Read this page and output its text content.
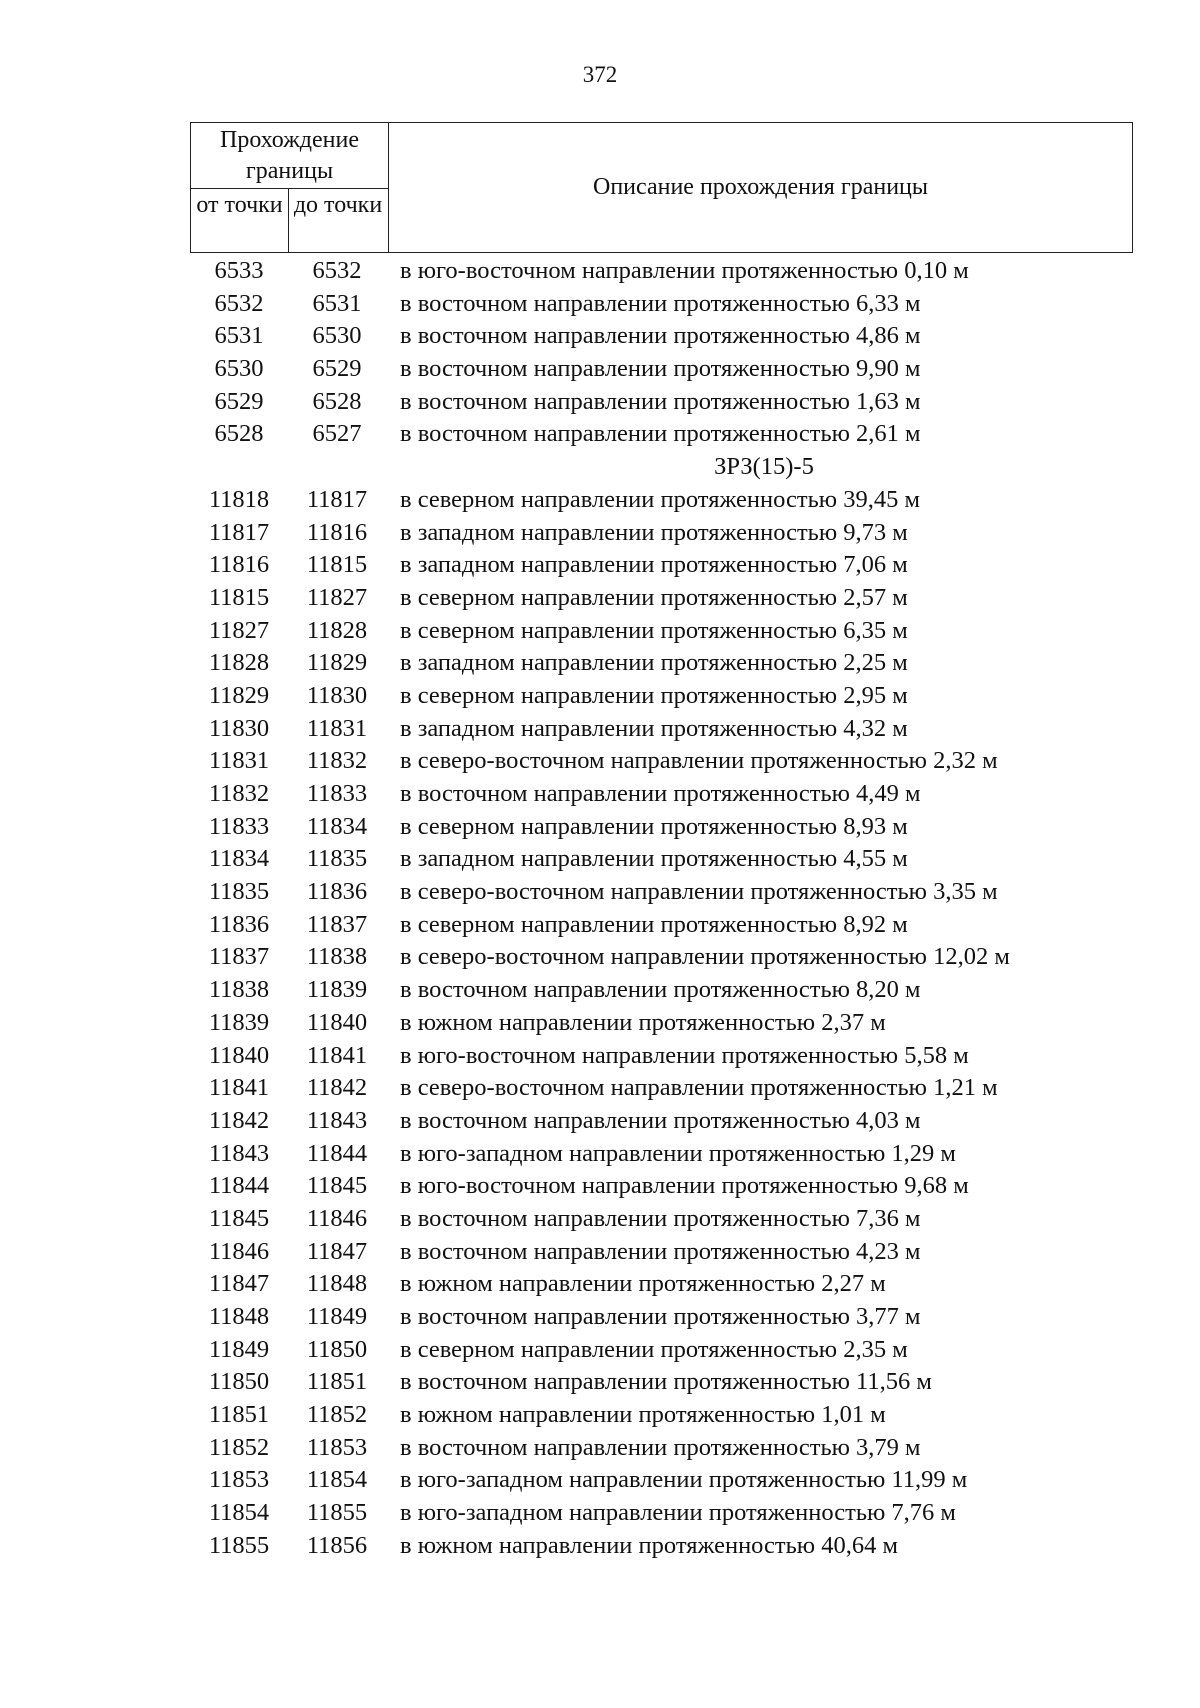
372
Прохождение границы
от точки до точки
Описание прохождения границы
6533	6532	в юго-восточном направлении протяженностью 0,10 м
6532	6531	в восточном направлении протяженностью 6,33 м
6531	6530	в восточном направлении протяженностью 4,86 м
6530	6529	в восточном направлении протяженностью 9,90 м
6529	6528	в восточном направлении протяженностью 1,63 м
6528	6527	в восточном направлении протяженностью 2,61 м
ЗРЗ(15)-5
11818	11817	в северном направлении протяженностью 39,45 м
11817	11816	в западном направлении протяженностью 9,73 м
11816	11815	в западном направлении протяженностью 7,06 м
11815	11827	в северном направлении протяженностью 2,57 м
11827	11828	в северном направлении протяженностью 6,35 м
11828	11829	в западном направлении протяженностью 2,25 м
11829	11830	в северном направлении протяженностью 2,95 м
11830	11831	в западном направлении протяженностью 4,32 м
11831	11832	в северо-восточном направлении протяженностью 2,32 м
11832	11833	в восточном направлении протяженностью 4,49 м
11833	11834	в северном направлении протяженностью 8,93 м
11834	11835	в западном направлении протяженностью 4,55 м
11835	11836	в северо-восточном направлении протяженностью 3,35 м
11836	11837	в северном направлении протяженностью 8,92 м
11837	11838	в северо-восточном направлении протяженностью 12,02 м
11838	11839	в восточном направлении протяженностью 8,20 м
11839	11840	в южном направлении протяженностью 2,37 м
11840	11841	в юго-восточном направлении протяженностью 5,58 м
11841	11842	в северо-восточном направлении протяженностью 1,21 м
11842	11843	в восточном направлении протяженностью 4,03 м
11843	11844	в юго-западном направлении протяженностью 1,29 м
11844	11845	в юго-восточном направлении протяженностью 9,68 м
11845	11846	в восточном направлении протяженностью 7,36 м
11846	11847	в восточном направлении протяженностью 4,23 м
11847	11848	в южном направлении протяженностью 2,27 м
11848	11849	в восточном направлении протяженностью 3,77 м
11849	11850	в северном направлении протяженностью 2,35 м
11850	11851	в восточном направлении протяженностью 11,56 м
11851	11852	в южном направлении протяженностью 1,01 м
11852	11853	в восточном направлении протяженностью 3,79 м
11853	11854	в юго-западном направлении протяженностью 11,99 м
11854	11855	в юго-западном направлении протяженностью 7,76 м
11855	11856	в южном направлении протяженностью 40,64 м
